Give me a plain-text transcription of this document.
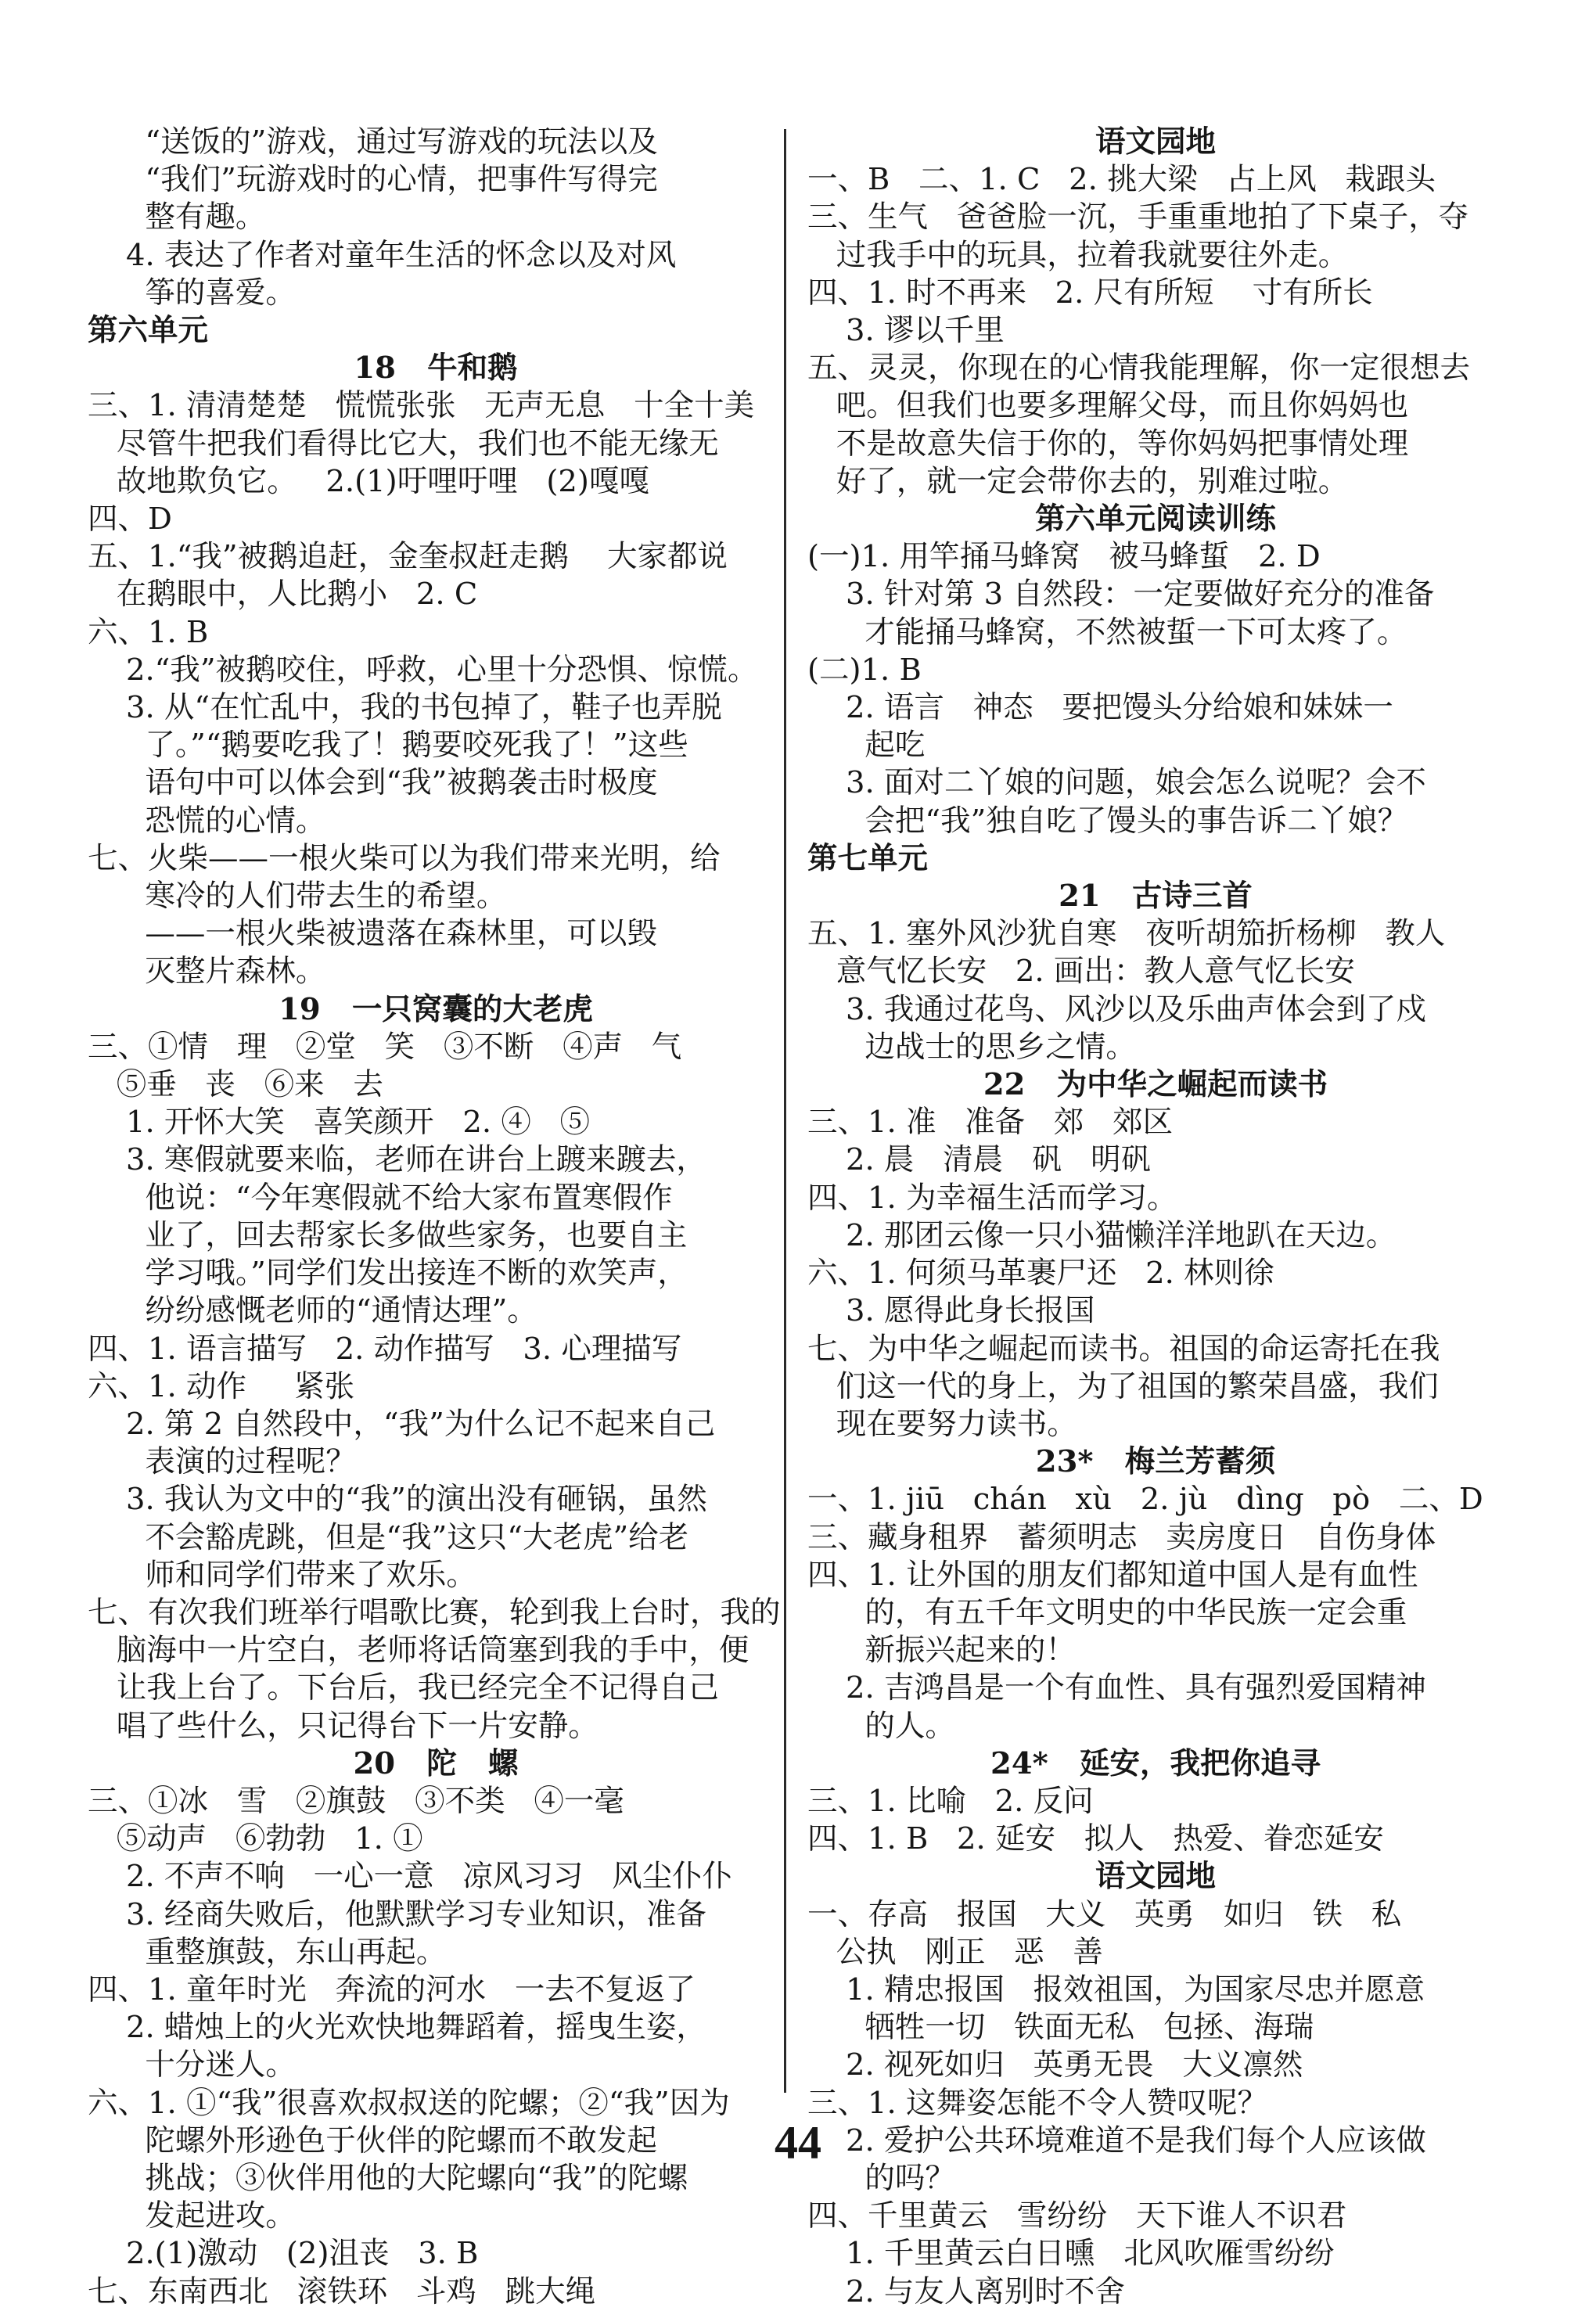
“送饭的”游戏，通过写游戏的玩法以及
“我们”玩游戏时的心情，把事件写得完
整有趣。
4. 表达了作者对童年生活的怀念以及对风
筝的喜爱。
第六单元
18   牛和鹅
三、1. 清清楚楚   慌慌张张   无声无息   十全十美
尽管牛把我们看得比它大，我们也不能无缘无
故地欺负它。   2.(1)吁哩吁哩   (2)嘎嘎
四、D
五、1.“我”被鹅追赶，金奎叔赶走鹅    大家都说
在鹅眼中，人比鹅小   2. C
六、1. B
2.“我”被鹅咬住，呼救，心里十分恐惧、惊慌。
3. 从“在忙乱中，我的书包掉了，鞋子也弄脱
了。”“鹅要吃我了！鹅要咬死我了！”这些
语句中可以体会到“我”被鹅袭击时极度
恐慌的心情。
七、火柴——一根火柴可以为我们带来光明，给
寒冷的人们带去生的希望。
——一根火柴被遗落在森林里，可以毁
灭整片森林。
19   一只窝囊的大老虎
三、①情   理   ②堂   笑   ③不断   ④声   气
⑤垂   丧   ⑥来   去
1. 开怀大笑   喜笑颜开   2. ④   ⑤
3. 寒假就要来临，老师在讲台上踱来踱去，
他说：“今年寒假就不给大家布置寒假作
业了，回去帮家长多做些家务，也要自主
学习哦。”同学们发出接连不断的欢笑声，
纷纷感慨老师的“通情达理”。
四、1. 语言描写   2. 动作描写   3. 心理描写
六、1. 动作     紧张
2. 第 2 自然段中，“我”为什么记不起来自己
表演的过程呢？
3. 我认为文中的“我”的演出没有砸锅，虽然
不会豁虎跳，但是“我”这只“大老虎”给老
师和同学们带来了欢乐。
七、有次我们班举行唱歌比赛，轮到我上台时，我的
脑海中一片空白，老师将话筒塞到我的手中，便
让我上台了。下台后，我已经完全不记得自己
唱了些什么，只记得台下一片安静。
20   陀   螺
三、①冰   雪   ②旗鼓   ③不类   ④一毫
⑤动声   ⑥勃勃   1. ①
2. 不声不响   一心一意   凉风习习   风尘仆仆
3. 经商失败后，他默默学习专业知识，准备
重整旗鼓，东山再起。
四、1. 童年时光   奔流的河水   一去不复返了
2. 蜡烛上的火光欢快地舞蹈着，摇曳生姿，
十分迷人。
六、1. ①“我”很喜欢叔叔送的陀螺；②“我”因为
陀螺外形逊色于伙伴的陀螺而不敢发起
挑战；③伙伴用他的大陀螺向“我”的陀螺
发起进攻。
2.(1)激动   (2)沮丧   3. B
七、东南西北   滚铁环   斗鸡   跳大绳
语文园地
一、B   二、1. C   2. 挑大梁   占上风   栽跟头
三、生气   爸爸脸一沉，手重重地拍了下桌子，夺
过我手中的玩具，拉着我就要往外走。
四、1. 时不再来   2. 尺有所短    寸有所长
3. 谬以千里
五、灵灵，你现在的心情我能理解，你一定很想去
吧。但我们也要多理解父母，而且你妈妈也
不是故意失信于你的，等你妈妈把事情处理
好了，就一定会带你去的，别难过啦。
第六单元阅读训练
(一)1. 用竿捅马蜂窝   被马蜂蜇   2. D
3. 针对第 3 自然段：一定要做好充分的准备
才能捅马蜂窝，不然被蜇一下可太疼了。
(二)1. B
2. 语言   神态   要把馒头分给娘和妹妹一
起吃
3. 面对二丫娘的问题，娘会怎么说呢？会不
会把“我”独自吃了馒头的事告诉二丫娘？
第七单元
21   古诗三首
五、1. 塞外风沙犹自寒   夜听胡笳折杨柳   教人
意气忆长安   2. 画出：教人意气忆长安
3. 我通过花鸟、风沙以及乐曲声体会到了戍
边战士的思乡之情。
22   为中华之崛起而读书
三、1. 准   准备   郊   郊区
2. 晨   清晨   矾   明矾
四、1. 为幸福生活而学习。
2. 那团云像一只小猫懒洋洋地趴在天边。
六、1. 何须马革裹尸还   2. 林则徐
3. 愿得此身长报国
七、为中华之崛起而读书。祖国的命运寄托在我
们这一代的身上，为了祖国的繁荣昌盛，我们
现在要努力读书。
23*   梅兰芳蓄须
一、1. jiū   chán   xù   2. jù   dìng   pò   二、D
三、藏身租界   蓄须明志   卖房度日   自伤身体
四、1. 让外国的朋友们都知道中国人是有血性
的，有五千年文明史的中华民族一定会重
新振兴起来的！
2. 吉鸿昌是一个有血性、具有强烈爱国精神
的人。
24*   延安，我把你追寻
三、1. 比喻   2. 反问
四、1. B   2. 延安   拟人   热爱、眷恋延安
语文园地
一、存高   报国   大义   英勇   如归   铁   私
公执   刚正   恶   善
1. 精忠报国   报效祖国，为国家尽忠并愿意
牺牲一切   铁面无私   包拯、海瑞
2. 视死如归   英勇无畏   大义凛然
三、1. 这舞姿怎能不令人赞叹呢？
2. 爱护公共环境难道不是我们每个人应该做
的吗？
四、千里黄云   雪纷纷   天下谁人不识君
1. 千里黄云白日曛   北风吹雁雪纷纷
2. 与友人离别时不舍
44
